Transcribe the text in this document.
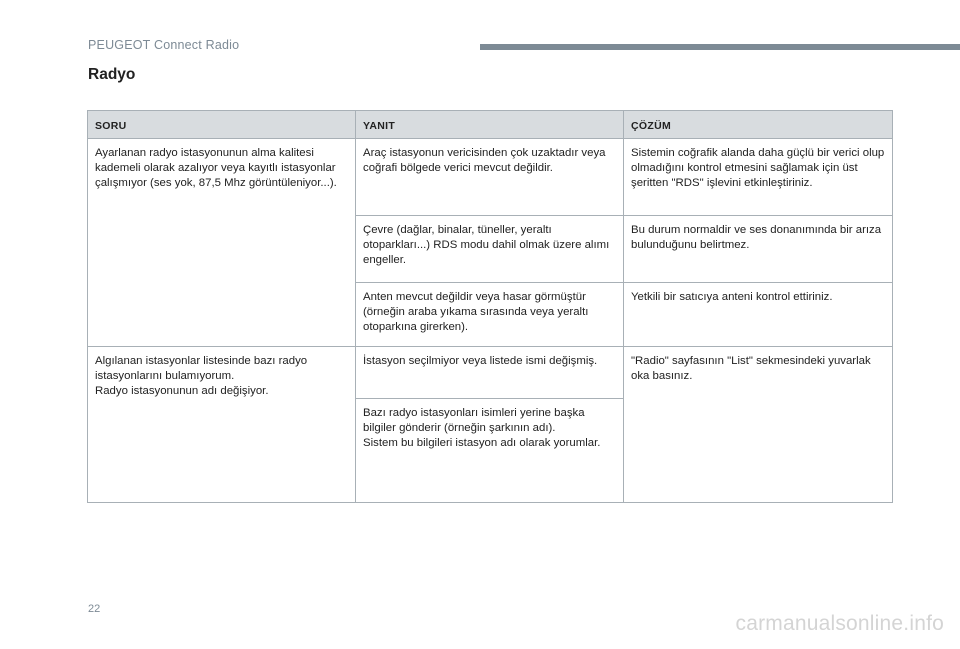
PEUGEOT Connect Radio
Radyo
SORU	YANIT	ÇÖZÜM
Ayarlanan radyo istasyonunun alma kalitesi kademeli olarak azalıyor veya kayıtlı istasyonlar çalışmıyor (ses yok, 87,5 Mhz görüntüleniyor...).	Araç istasyonun vericisinden çok uzaktadır veya coğrafi bölgede verici mevcut değildir.	Sistemin coğrafik alanda daha güçlü bir verici olup olmadığını kontrol etmesini sağlamak için üst şeritten "RDS" işlevini etkinleştiriniz.
	Çevre (dağlar, binalar, tüneller, yeraltı otoparkları...) RDS modu dahil olmak üzere alımı engeller.	Bu durum normaldir ve ses donanımında bir arıza bulunduğunu belirtmez.
	Anten mevcut değildir veya hasar görmüştür (örneğin araba yıkama sırasında veya yeraltı otoparkına girerken).	Yetkili bir satıcıya anteni kontrol ettiriniz.

Algılanan istasyonlar listesinde bazı radyo istasyonlarını bulamıyorum.
Radyo istasyonunun adı değişiyor.	İstasyon seçilmiyor veya listede ismi değişmiş.	"Radio" sayfasının "List" sekmesindeki yuvarlak oka basınız.

	Bazı radyo istasyonları isimleri yerine başka bilgiler gönderir (örneğin şarkının adı).
Sistem bu bilgileri istasyon adı olarak yorumlar.	
22
carmanualsonline.info
